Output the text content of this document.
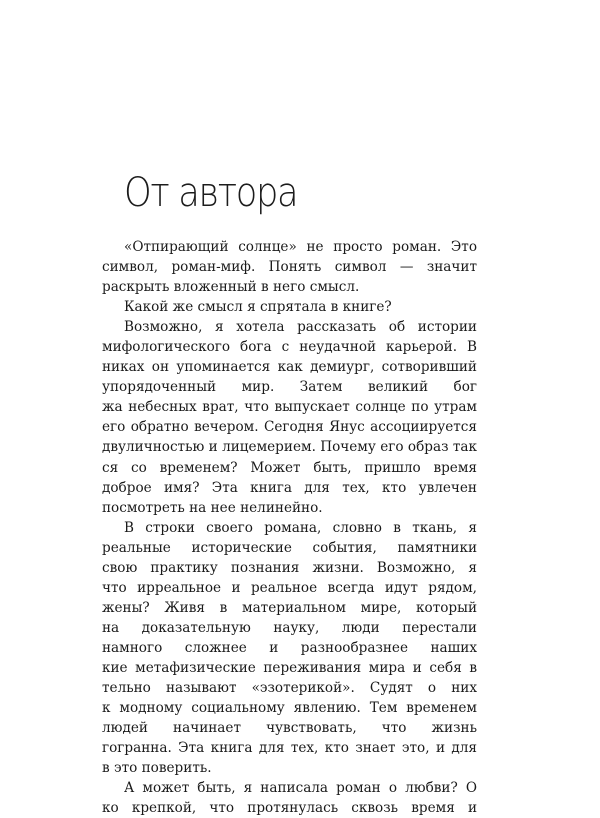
От автора
«Отпирающий солнце» не просто роман. Это
символ, роман-миф. Понять символ — значит
раскрыть вложенный в него смысл.
Какой же смысл я спрятала в книге?
Возможно, я хотела рассказать об истории
мифологического бога с неудачной карьерой. В
никах он упоминается как демиург, сотворивший
упорядоченный мир. Затем великий бог
жа небесных врат, что выпускает солнце по утрам
его обратно вечером. Сегодня Янус ассоциируется
двуличностью и лицемерием. Почему его образ так
ся со временем? Может быть, пришло время
доброе имя? Эта книга для тех, кто увлечен
посмотреть на нее нелинейно.
В строки своего романа, словно в ткань, я
реальные исторические события, памятники
свою практику познания жизни. Возможно, я
что ирреальное и реальное всегда идут рядом,
жены? Живя в материальном мире, который
на доказательную науку, люди перестали
намного сложнее и разнообразнее наших
кие метафизические переживания мира и себя в
тельно называют «эзотерикой». Судят о них
к модному социальному явлению. Тем временем
людей начинает чувствовать, что жизнь
гогранна. Эта книга для тех, кто знает это, и для
в это поверить.
А может быть, я написала роман о любви? О
ко крепкой, что протянулась сквозь время и
